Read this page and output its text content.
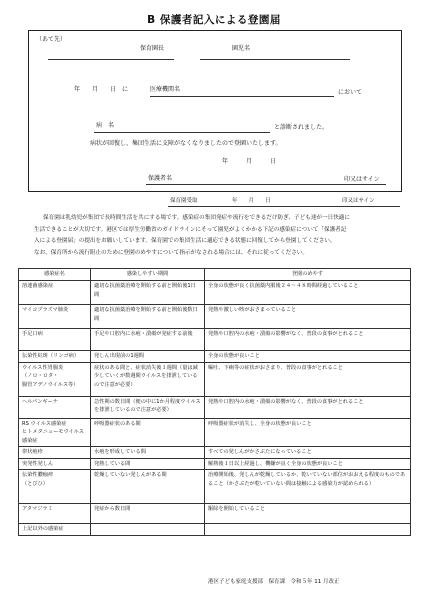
B 保護者記入による登園届
（あて先）
保育園長	園児名
年　　月　　日　に	医療機関名	において
病　名	と診断されました。
病状が回復し、集団生活に支障がなくなりましたので登園いたします。
年　　　月　　　日
保護者名	印又はサイン
保育園受取	年　　月　　日	印又はサイン
保育園は乳幼児が集団で長時間生活を共にする場です。感染症の集団発症や流行をできるだけ防ぎ、子ども達が一日快適に
生活できることが大切です。港区では厚生労働省のガイドラインにそって園児がよくかかる下記の感染症について「保護者記
入による登園届」の提出をお願いしています。保育園での集団生活に適応できる状態に回復してから登園してください。
なお、保育所から流行阻止のために登園のめやすについて指示がなされる場合には、それに従ってください。
感染症名	感染しやすい期間	登園のめやす
溶連菌感染症	適切な抗菌薬治療を開始する前と開始後1日間	全身の状態が良く抗菌薬内服後２４～４８時間経過していること
マイコプラズマ肺炎	適切な抗菌薬治療を開始する前と開始後数日間	発熱や激しい咳がおさまっていること
手足口病	手足や口腔内に水疱・潰瘍が発症する前後	発熱や口腔内の水疱・潰瘍の影響がなく、普段の食事がとれること
伝染性紅斑（リンゴ病）	発しん出現前の1週間	全身の状態が良いこと
ウイルス性胃腸炎
（ノロ・ロタ・
腸管アデノウイルス等）	症状のある間と、症状消失後１週間（量は減少していくが数週間ウイルスを排泄しているので注意が必要）	嘔吐、下痢等の症状がおさまり、普段の食事がとれること
ヘルパンギーナ	急性期の数日間（便の中に1か月程度ウイルスを排泄しているので注意が必要）	発熱や口腔内の水疱・潰瘍の影響がなく、普段の食事がとれること
RS ウイルス感染症
ヒトメタニューモウイルス感染症	呼吸器症状のある間	呼吸器症状が消失し、全身の状態が良いこと
帯状疱疹	水疱を形成している間	すべての発しんがかさぶたになっていること
突発性発しん	発熱している間	解熱後１日以上経過し、機嫌が良く全身の状態が良いこと
伝染性膿痂疹
（とびひ）	乾燥していない発しんがある間	治療開始後、発しんが乾燥しているか、乾いていない部位がおおえる程度のものであること（かさぶたが乾いていない間は接触による感染力が認められる）
アタマジラミ	発症から数日間	駆除を開始していること
上記以外の感染症		
港区子ども家庭支援部　保育課　令和５年 11 月改正
